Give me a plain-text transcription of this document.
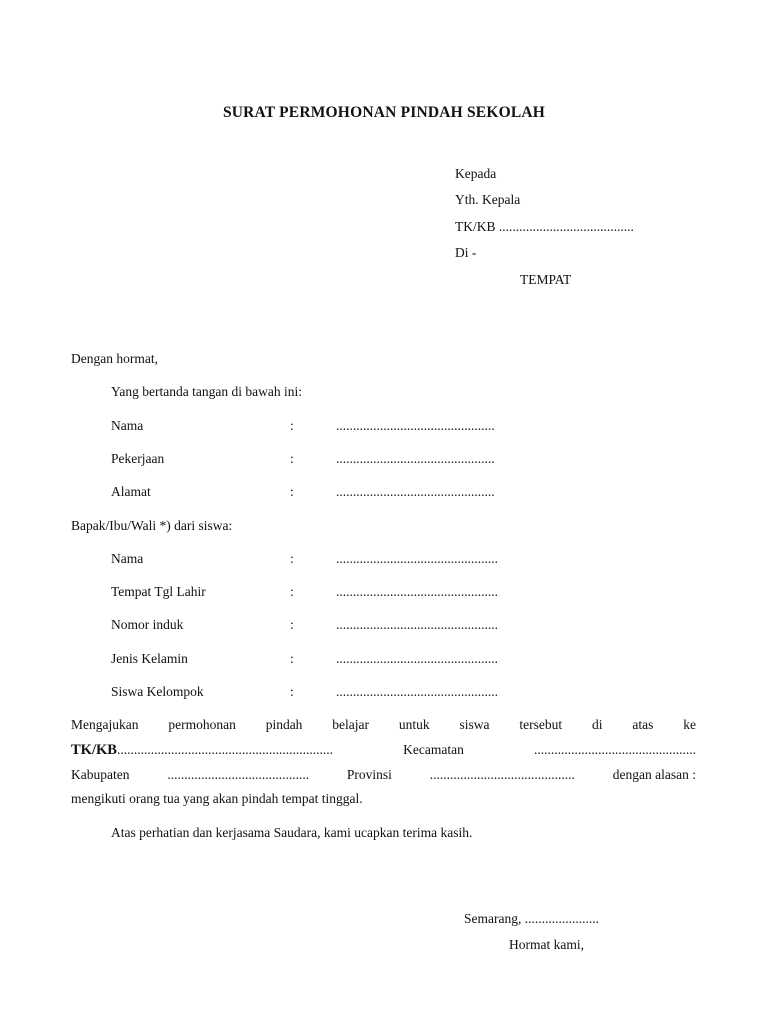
SURAT PERMOHONAN PINDAH SEKOLAH
Kepada
Yth. Kepala
TK/KB ........................................
Di -
TEMPAT
Dengan hormat,
Yang bertanda tangan di bawah ini:
Nama	:	...............................................
Pekerjaan	:	...............................................
Alamat	:	...............................................
Bapak/Ibu/Wali *) dari siswa:
Nama	:	................................................
Tempat Tgl Lahir	:	................................................
Nomor induk	:	................................................
Jenis Kelamin	:	................................................
Siswa Kelompok	:	................................................
Mengajukan permohonan pindah belajar untuk siswa tersebut di atas ke
TK/KB................................................................	Kecamatan	................................................
Kabupaten	..........................................	Provinsi	...........................................	dengan alasan :
mengikuti orang tua yang akan pindah tempat tinggal.
Atas perhatian dan kerjasama Saudara, kami ucapkan terima kasih.
Semarang, ......................
Hormat kami,
